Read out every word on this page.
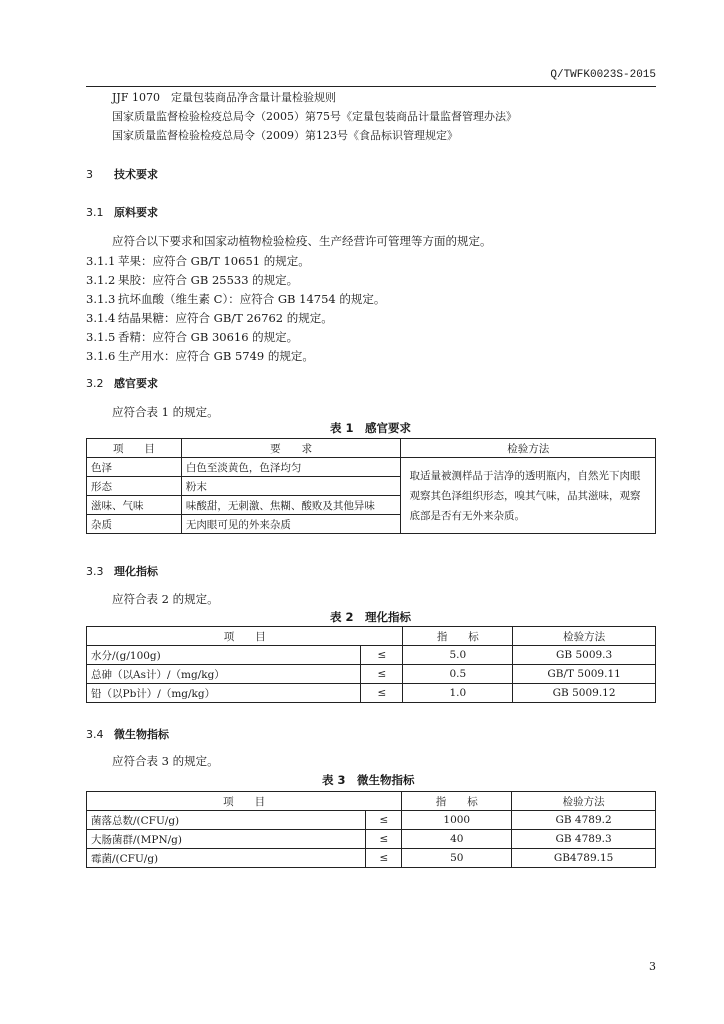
Q/TWFK0023S-2015
JJF 1070　定量包装商品净含量计量检验规则
国家质量监督检验检疫总局令（2005）第75号《定量包装商品计量监督管理办法》
国家质量监督检验检疫总局令（2009）第123号《食品标识管理规定》
3 技术要求
3.1 原料要求
应符合以下要求和国家动植物检验检疫、生产经营许可管理等方面的规定。
3.1.1 苹果：应符合 GB/T 10651 的规定。
3.1.2 果胶：应符合 GB 25533 的规定。
3.1.3 抗坏血酸（维生素 C）：应符合 GB 14754 的规定。
3.1.4 结晶果糖：应符合 GB/T 26762 的规定。
3.1.5 香精：应符合 GB 30616 的规定。
3.1.6 生产用水：应符合 GB 5749 的规定。
3.2 感官要求
应符合表 1 的规定。
表 1　感官要求
项　　目	要　　求	检验方法
色泽	白色至淡黄色，色泽均匀	取适量被测样品于洁净的透明瓶内，自然光下肉眼观察其色泽组织形态，嗅其气味，品其滋味，观察底部是否有无外来杂质。
形态	粉末	
滋味、气味	味酸甜，无刺激、焦糊、酸败及其他异味	
杂质	无肉眼可见的外来杂质	
3.3 理化指标
应符合表 2 的规定。
表 2　理化指标
项　　目		指　　标	检验方法
水分/(g/100g)	≤	5.0	GB 5009.3
总砷（以As计）/（mg/kg）	≤	0.5	GB/T 5009.11
铅（以Pb计）/（mg/kg）	≤	1.0	GB 5009.12
3.4 微生物指标
应符合表 3 的规定。
表 3　微生物指标
项　　目		指　　标	检验方法
菌落总数/(CFU/g)	≤	1000	GB 4789.2
大肠菌群/(MPN/g)	≤	40	GB 4789.3
霉菌/(CFU/g)	≤	50	GB4789.15
3
